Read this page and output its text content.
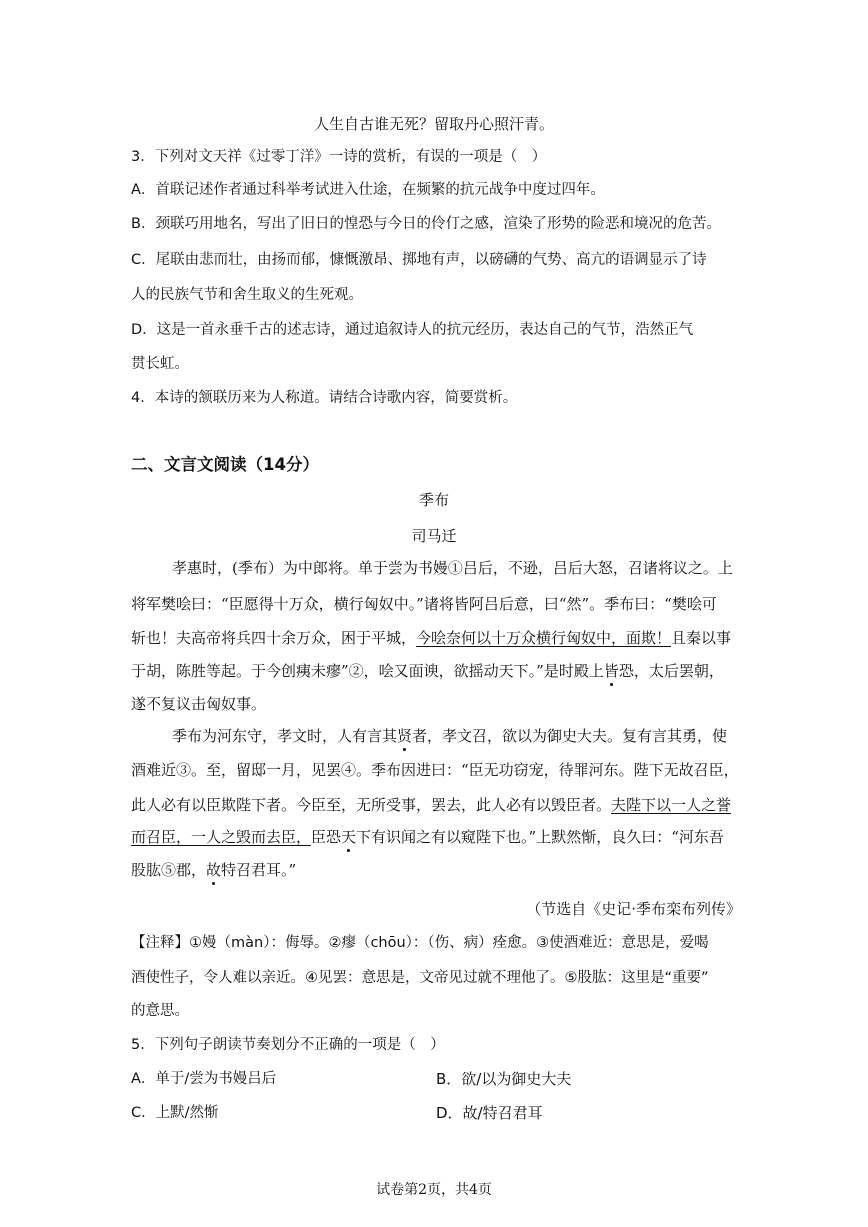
人生自古谁无死？留取丹心照汗青。
3．下列对文天祥《过零丁洋》一诗的赏析，有误的一项是（　）
A．首联记述作者通过科举考试进入仕途，在频繁的抗元战争中度过四年。
B．颈联巧用地名，写出了旧日的惶恐与今日的伶仃之感，渲染了形势的险恶和境况的危苦。
C．尾联由悲而壮，由扬而郁，慷慨激昂、掷地有声，以磅礴的气势、高亢的语调显示了诗
人的民族气节和舍生取义的生死观。
D．这是一首永垂千古的述志诗，通过追叙诗人的抗元经历，表达自己的气节，浩然正气
贯长虹。
4．本诗的颔联历来为人称道。请结合诗歌内容，简要赏析。
二、文言文阅读（14分）
季布
司马迁
孝惠时，(季布）为中郎将。单于尝为书嫚①吕后，不逊，吕后大怒，召诸将议之。上
将军樊哙曰：“臣愿得十万众，横行匈奴中。”诸将皆阿吕后意，曰“然”。季布曰：“樊哙可
斩也！夫高帝将兵四十余万众，困于平城，今哙奈何以十万众横行匈奴中，面欺！且秦以事
于胡，陈胜等起。于今创痍未瘳”②，哙又面谀，欲摇动天下。”是时殿上皆恐，太后罢朝，
遂不复议击匈奴事。
季布为河东守，孝文时，人有言其贤者，孝文召，欲以为御史大夫。复有言其勇，使
酒难近③。至，留邸一月，见罢④。季布因进曰：“臣无功窃宠，待罪河东。陛下无故召臣，
此人必有以臣欺陛下者。今臣至，无所受事，罢去，此人必有以毁臣者。夫陛下以一人之誉
而召臣，一人之毁而去臣，臣恐天下有识闻之有以窥陛下也。”上默然惭，良久曰：“河东吾
股肱⑤郡，故特召君耳。”
（节选自《史记·季布栾布列传》
【注释】①嫚（màn）：侮辱。②瘳（chōu）：（伤、病）痊愈。③使酒难近：意思是，爱喝
酒使性子，令人难以亲近。④见罢：意思是，文帝见过就不理他了。⑤股肱：这里是“重要”
的意思。
5．下列句子朗读节奏划分不正确的一项是（　）
A．单于/尝为书嫚吕后	B．欲/以为御史大夫
C．上默/然惭	D．故/特召君耳
试卷第2页，共4页
